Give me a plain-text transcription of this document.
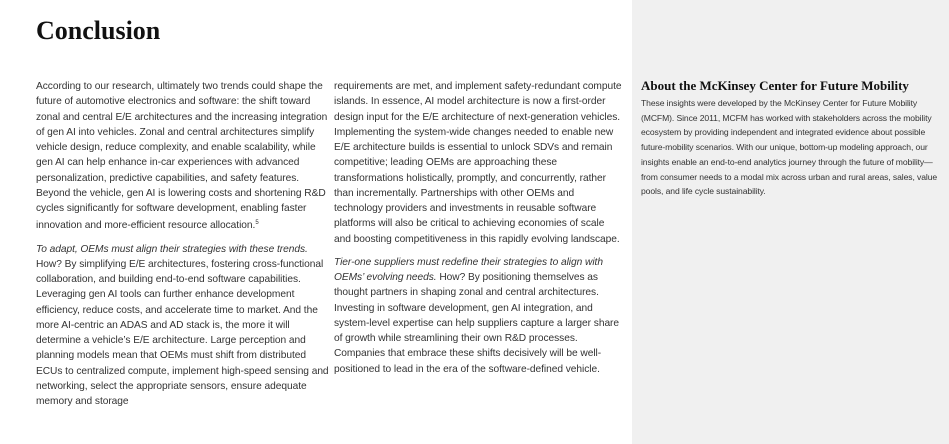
Conclusion

According to our research, ultimately two trends could shape the future of automotive electronics and software: the shift toward zonal and central E/E architectures and the increasing integration of gen AI into vehicles. Zonal and central architectures simplify vehicle design, reduce complexity, and enable scalability, while gen AI can help enhance in-car experiences with advanced personalization, predictive capabilities, and safety features. Beyond the vehicle, gen AI is lowering costs and shortening R&D cycles significantly for software development, enabling faster innovation and more-efficient resource allocation.$^5$

To adapt, OEMs must align their strategies with these trends. How? By simplifying E/E architectures, fostering cross-functional collaboration, and building end-to-end software capabilities. Leveraging gen AI tools can further enhance development efficiency, reduce costs, and accelerate time to market. And the more AI-centric an ADAS and AD stack is, the more it will determine a vehicle’s E/E architecture. Large perception and planning models mean that OEMs must shift from distributed ECUs to centralized compute, implement high-speed sensing and networking, select the appropriate sensors, ensure adequate memory and storage

requirements are met, and implement safety-redundant compute islands. In essence, AI model architecture is now a first-order design input for the E/E architecture of next-generation vehicles. Implementing the system-wide changes needed to enable new E/E architecture builds is essential to unlock SDVs and remain competitive; leading OEMs are approaching these transformations holistically, promptly, and concurrently, rather than incrementally. Partnerships with other OEMs and technology providers and investments in reusable software platforms will also be critical to achieving economies of scale and boosting competitiveness in this rapidly evolving landscape.

Tier-one suppliers must redefine their strategies to align with OEMs’ evolving needs. How? By positioning themselves as thought partners in shaping zonal and central architectures. Investing in software development, gen AI integration, and system-level expertise can help suppliers capture a larger share of growth while streamlining their own R&D processes. Companies that embrace these shifts decisively will be well-positioned to lead in the era of the software-defined vehicle.

About the McKinsey Center for Future Mobility

These insights were developed by the McKinsey Center for Future Mobility (MCFM). Since 2011, MCFM has worked with stakeholders across the mobility ecosystem by providing independent and integrated evidence about possible future-mobility scenarios. With our unique, bottom-up modeling approach, our insights enable an end-to-end analytics journey through the future of mobility—from consumer needs to a modal mix across urban and rural areas, sales, value pools, and life cycle sustainability.
